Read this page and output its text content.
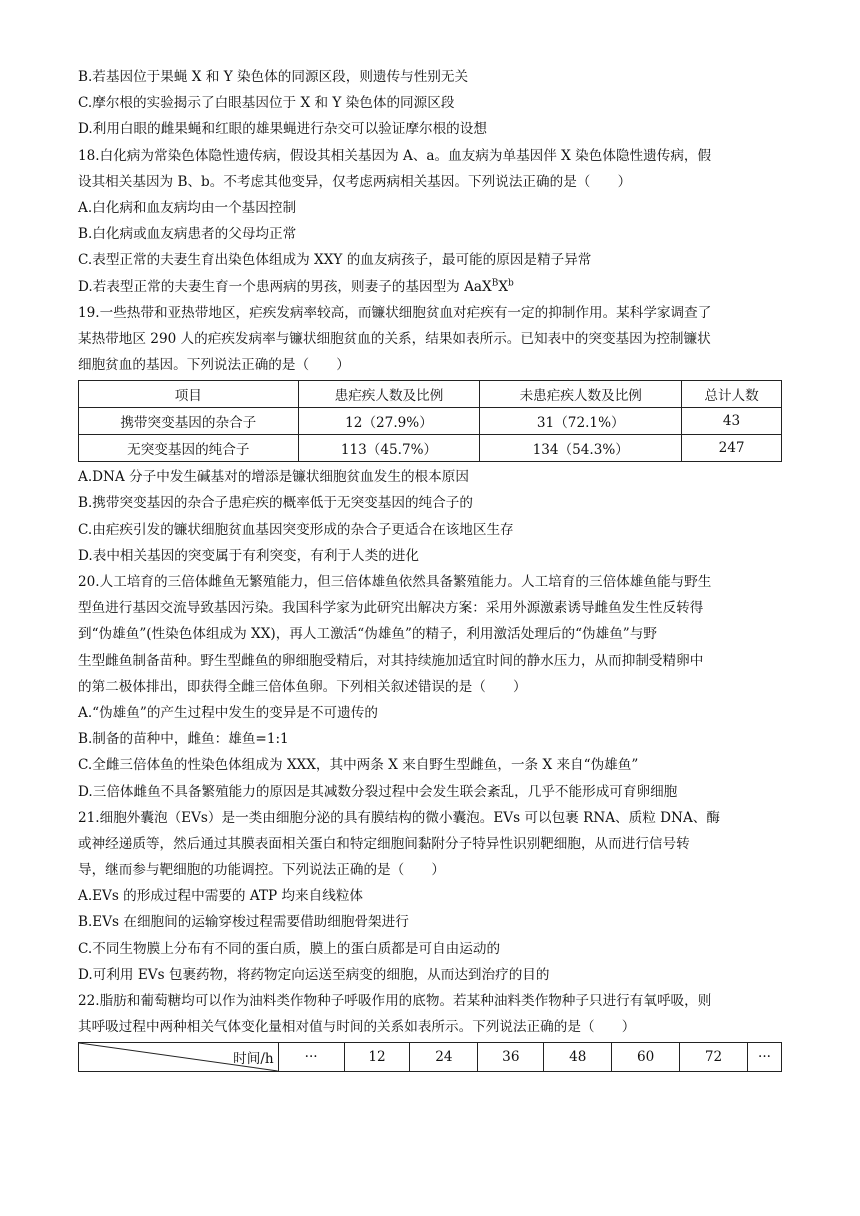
B.若基因位于果蝇 X 和 Y 染色体的同源区段，则遗传与性别无关
C.摩尔根的实验揭示了白眼基因位于 X 和 Y 染色体的同源区段
D.利用白眼的雌果蝇和红眼的雄果蝇进行杂交可以验证摩尔根的设想
18.白化病为常染色体隐性遗传病，假设其相关基因为 A、a。血友病为单基因伴 X 染色体隐性遗传病，假
设其相关基因为 B、b。不考虑其他变异，仅考虑两病相关基因。下列说法正确的是（　　）
A.白化病和血友病均由一个基因控制
B.白化病或血友病患者的父母均正常
C.表型正常的夫妻生育出染色体组成为 XXY 的血友病孩子，最可能的原因是精子异常
D.若表型正常的夫妻生育一个患两病的男孩，则妻子的基因型为 $AaX^BX^b$
19.一些热带和亚热带地区，疟疾发病率较高，而镰状细胞贫血对疟疾有一定的抑制作用。某科学家调查了
某热带地区 290 人的疟疾发病率与镰状细胞贫血的关系，结果如表所示。已知表中的突变基因为控制镰状
细胞贫血的基因。下列说法正确的是（　　）
项目	患疟疾人数及比例	未患疟疾人数及比例	总计人数
携带突变基因的杂合子	12（27.9%）	31（72.1%）	43
无突变基因的纯合子	113（45.7%）	134（54.3%）	247
A.DNA 分子中发生碱基对的增添是镰状细胞贫血发生的根本原因
B.携带突变基因的杂合子患疟疾的概率低于无突变基因的纯合子的
C.由疟疾引发的镰状细胞贫血基因突变形成的杂合子更适合在该地区生存
D.表中相关基因的突变属于有利突变，有利于人类的进化
20.人工培育的三倍体雌鱼无繁殖能力，但三倍体雄鱼依然具备繁殖能力。人工培育的三倍体雄鱼能与野生
型鱼进行基因交流导致基因污染。我国科学家为此研究出解决方案：采用外源激素诱导雌鱼发生性反转得
到“伪雄鱼”(性染色体组成为 XX)，再人工激活“伪雄鱼”的精子，利用激活处理后的“伪雄鱼”与野
生型雌鱼制备苗种。野生型雌鱼的卵细胞受精后，对其持续施加适宜时间的静水压力，从而抑制受精卵中
的第二极体排出，即获得全雌三倍体鱼卵。下列相关叙述错误的是（　　）
A.“伪雄鱼”的产生过程中发生的变异是不可遗传的
B.制备的苗种中，雌鱼：雄鱼=1:1
C.全雌三倍体鱼的性染色体组成为 XXX，其中两条 X 来自野生型雌鱼，一条 X 来自“伪雄鱼”
D.三倍体雌鱼不具备繁殖能力的原因是其减数分裂过程中会发生联会紊乱，几乎不能形成可育卵细胞
21.细胞外囊泡（EVs）是一类由细胞分泌的具有膜结构的微小囊泡。EVs 可以包裹 RNA、质粒 DNA、酶
或神经递质等，然后通过其膜表面相关蛋白和特定细胞间黏附分子特异性识别靶细胞，从而进行信号转
导，继而参与靶细胞的功能调控。下列说法正确的是（　　）
A.EVs 的形成过程中需要的 ATP 均来自线粒体
B.EVs 在细胞间的运输穿梭过程需要借助细胞骨架进行
C.不同生物膜上分布有不同的蛋白质，膜上的蛋白质都是可自由运动的
D.可利用 EVs 包裹药物，将药物定向运送至病变的细胞，从而达到治疗的目的
22.脂肪和葡萄糖均可以作为油料类作物种子呼吸作用的底物。若某种油料类作物种子只进行有氧呼吸，则
其呼吸过程中两种相关气体变化量相对值与时间的关系如表所示。下列说法正确的是（　　）
时间/h	···	12	24	36	48	60	72	···
